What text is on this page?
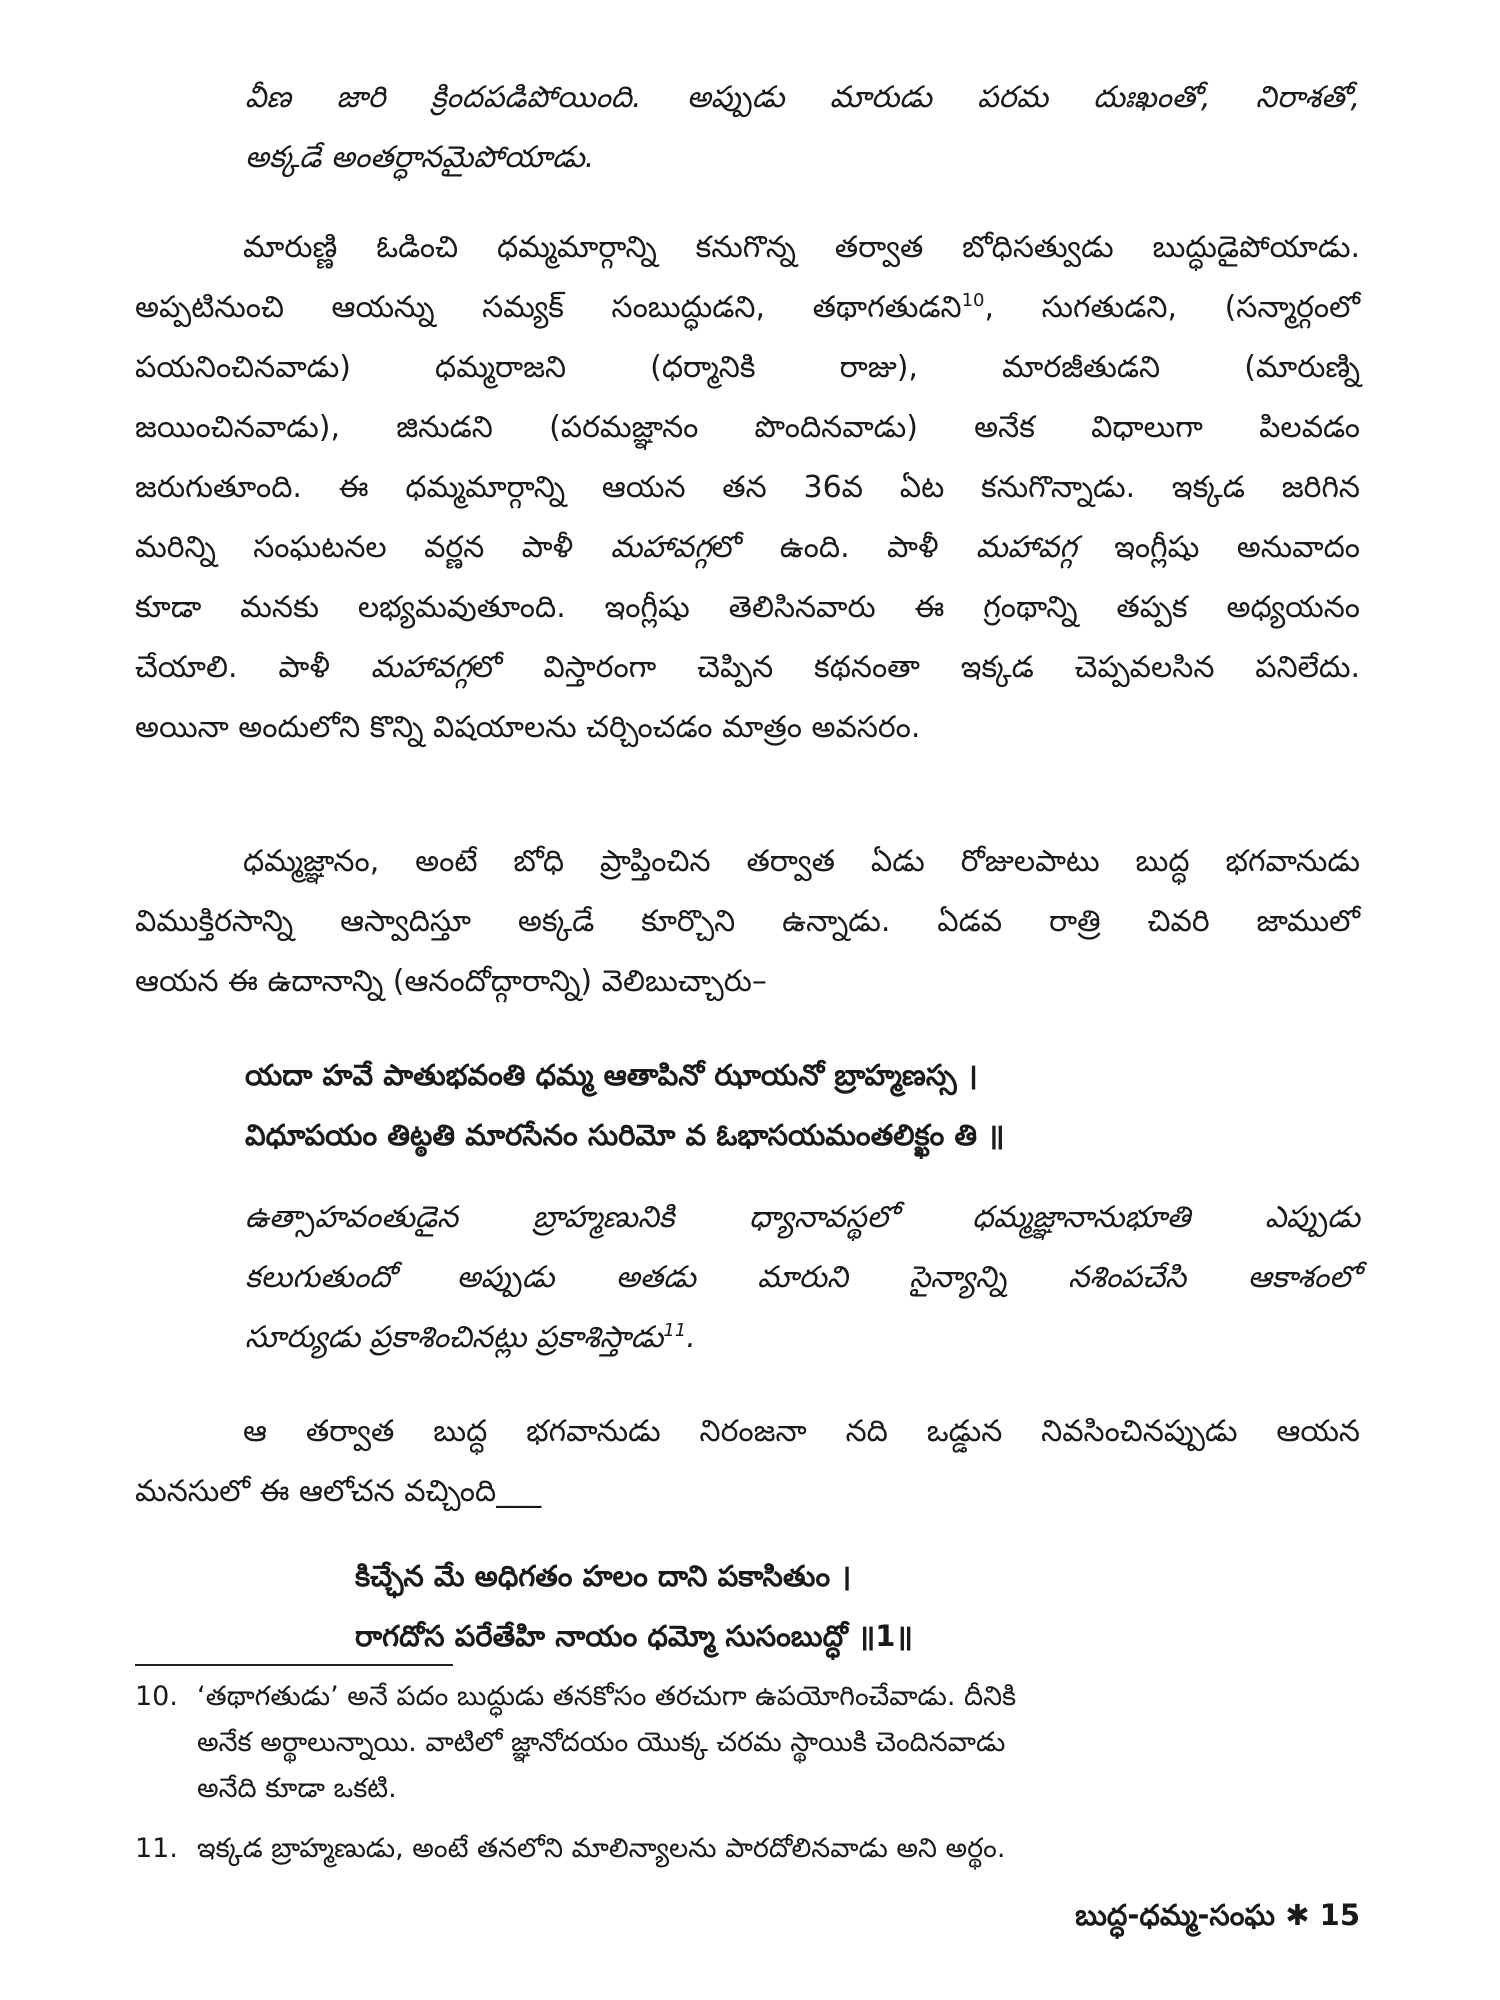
వీణ జారి క్రిందపడిపోయింది. అప్పుడు మారుడు పరమ దుఃఖంతో, నిరాశతో,
అక్కడే అంతర్ధానమైపోయాడు.
మారుణ్ణి ఓడించి ధమ్మమార్గాన్ని కనుగొన్న తర్వాత బోధిసత్వుడు బుద్ధుడైపోయాడు.
అప్పటినుంచి ఆయన్ను సమ్యక్ సంబుద్ధుడని, తథాగతుడని$^{10}$, సుగతుడని, (సన్మార్గంలో
పయనించినవాడు) ధమ్మరాజని (ధర్మానికి రాజు), మారజీతుడని (మారుణ్ని
జయించినవాడు), జినుడని (పరమజ్ఞానం పొందినవాడు) అనేక విధాలుగా పిలవడం
జరుగుతూంది. ఈ ధమ్మమార్గాన్ని ఆయన తన 36వ ఏట కనుగొన్నాడు. ఇక్కడ జరిగిన
మరిన్ని సంఘటనల వర్ణన పాళీ మహావగ్గలో ఉంది. పాళీ మహావగ్గ ఇంగ్లీషు అనువాదం
కూడా మనకు లభ్యమవుతూంది. ఇంగ్లీషు తెలిసినవారు ఈ గ్రంథాన్ని తప్పక అధ్యయనం
చేయాలి. పాళీ మహావగ్గలో విస్తారంగా చెప్పిన కథనంతా ఇక్కడ చెప్పవలసిన పనిలేదు.
అయినా అందులోని కొన్ని విషయాలను చర్చించడం మాత్రం అవసరం.
ధమ్మజ్ఞానం, అంటే బోధి ప్రాప్తించిన తర్వాత ఏడు రోజులపాటు బుద్ధ భగవానుడు
విముక్తిరసాన్ని ఆస్వాదిస్తూ అక్కడే కూర్చొని ఉన్నాడు. ఏడవ రాత్రి చివరి జాములో
ఆయన ఈ ఉదానాన్ని (ఆనందోద్గారాన్ని) వెలిబుచ్చారు–
యదా హవే పాతుభవంతి ధమ్మ ఆతాపినో ఝాయనో బ్రాహ్మణస్స ।
విధూపయం తిట్ఠతి మారసేనం సురిమో వ ఓభాసయమంతలిక్ఖం తి ॥
ఉత్సాహవంతుడైన బ్రాహ్మణునికి ధ్యానావస్థలో ధమ్మజ్ఞానానుభూతి ఎప్పుడు
కలుగుతుందో అప్పుడు అతడు మారుని సైన్యాన్ని నశింపచేసి ఆకాశంలో
సూర్యుడు ప్రకాశించినట్లు ప్రకాశిస్తాడు$^{11}$.
ఆ తర్వాత బుద్ధ భగవానుడు నిరంజనా నది ఒడ్డున నివసించినప్పుడు ఆయన
మనసులో ఈ ఆలోచన వచ్చింది___
కిచ్ఛేన మే అధిగతం హలం దాని పకాసితుం ।
రాగదోస పరేతేహి నాయం ధమ్మో సుసంబుద్ధో ॥1॥
10. ‘తథాగతుడు’ అనే పదం బుద్ధుడు తనకోసం తరచుగా ఉపయోగించేవాడు. దీనికి
అనేక అర్థాలున్నాయి. వాటిలో జ్ఞానోదయం యొక్క చరమ స్థాయికి చెందినవాడు
అనేది కూడా ఒకటి.
11. ఇక్కడ బ్రాహ్మణుడు, అంటే తనలోని మాలిన్యాలను పారదోలినవాడు అని అర్థం.
బుద్ధ-ధమ్మ-సంఘ ✱ 15
